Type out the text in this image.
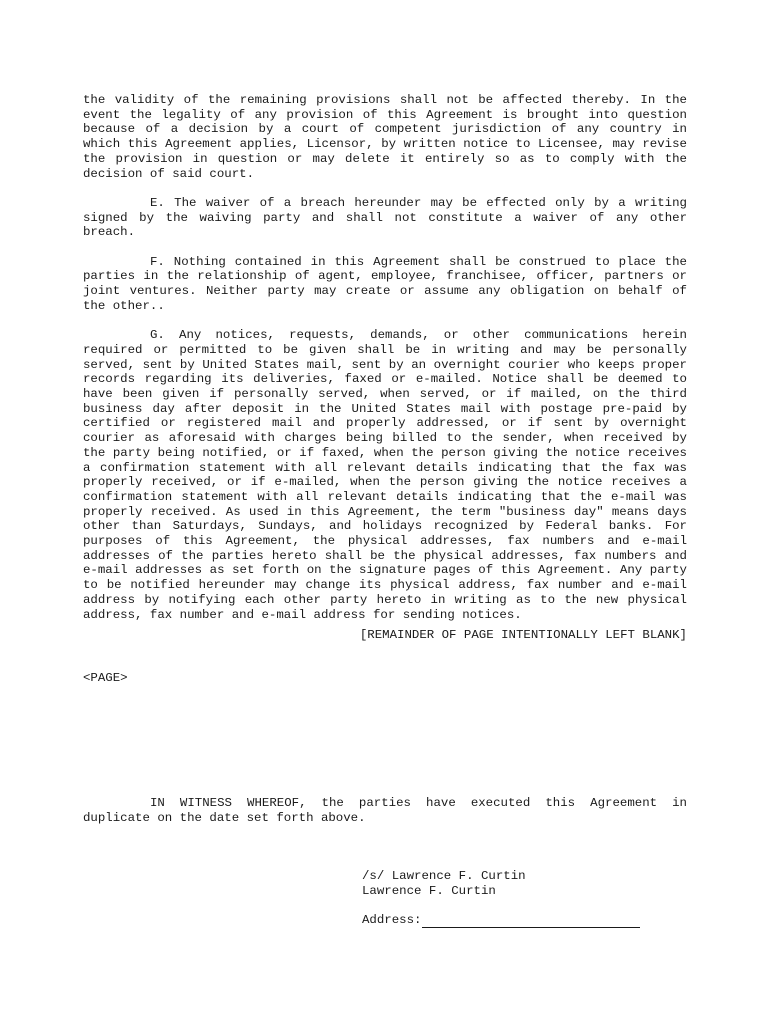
the validity of the remaining provisions shall not be affected thereby. In the event the legality of any provision of this Agreement is brought into question because of a decision by a court of competent jurisdiction of any country in which this Agreement applies, Licensor, by written notice to Licensee, may revise the provision in question or may delete it entirely so as to comply with the decision of said court.

E. The waiver of a breach hereunder may be effected only by a writing signed by the waiving party and shall not constitute a waiver of any other breach.

F. Nothing contained in this Agreement shall be construed to place the parties in the relationship of agent, employee, franchisee, officer, partners or joint ventures. Neither party may create or assume any obligation on behalf of the other..

G. Any notices, requests, demands, or other communications herein required or permitted to be given shall be in writing and may be personally served, sent by United States mail, sent by an overnight courier who keeps proper records regarding its deliveries, faxed or e-mailed. Notice shall be deemed to have been given if personally served, when served, or if mailed, on the third business day after deposit in the United States mail with postage pre-paid by certified or registered mail and properly addressed, or if sent by overnight courier as aforesaid with charges being billed to the sender, when received by the party being notified, or if faxed, when the person giving the notice receives a confirmation statement with all relevant details indicating that the fax was properly received, or if e-mailed, when the person giving the notice receives a confirmation statement with all relevant details indicating that the e-mail was properly received. As used in this Agreement, the term "business day" means days other than Saturdays, Sundays, and holidays recognized by Federal banks. For purposes of this Agreement, the physical addresses, fax numbers and e-mail addresses of the parties hereto shall be the physical addresses, fax numbers and e-mail addresses as set forth on the signature pages of this Agreement. Any party to be notified hereunder may change its physical address, fax number and e-mail address by notifying each other party hereto in writing as to the new physical address, fax number and e-mail address for sending notices.

[REMAINDER OF PAGE INTENTIONALLY LEFT BLANK]

<PAGE>

IN WITNESS WHEREOF, the parties have executed this Agreement in duplicate on the date set forth above.

/s/ Lawrence F. Curtin

Lawrence F. Curtin

Address:
